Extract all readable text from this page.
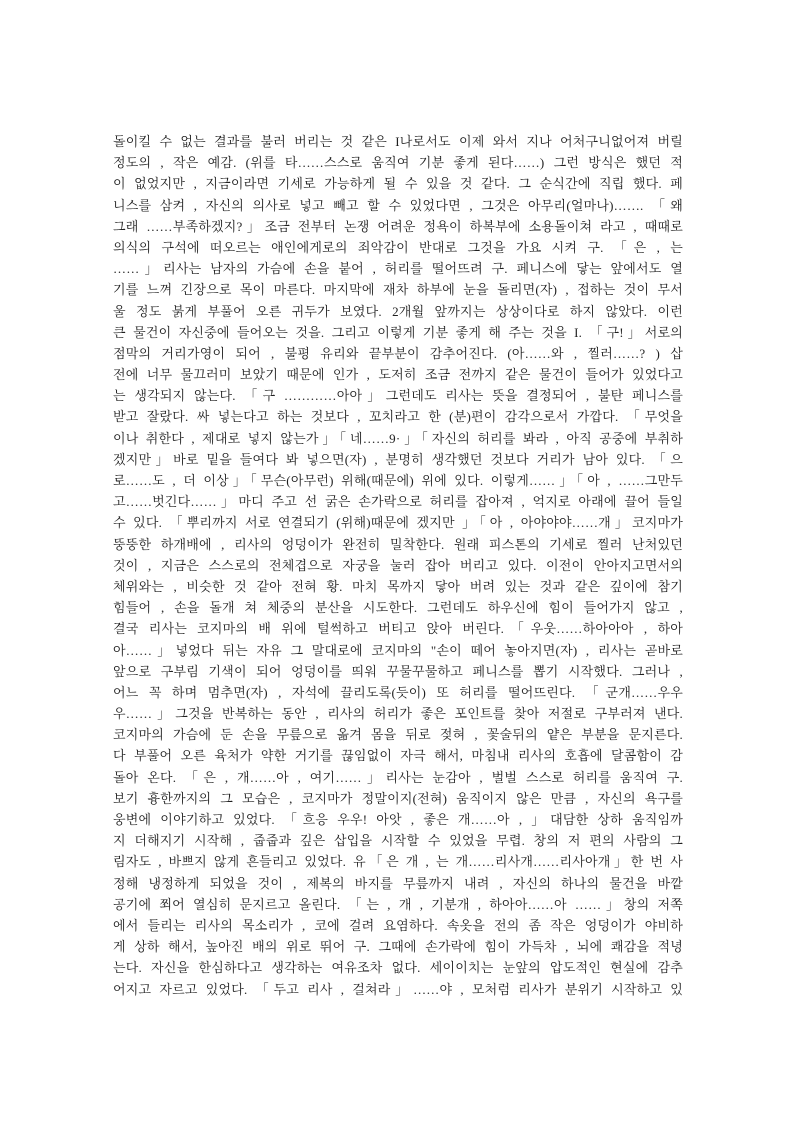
돌이킬 수 없는 결과를 불러 버리는 것 같은 I나로서도 이제 와서 지나 어처구니없어져 버릴
정도의 , 작은 예감. (위를 타……스스로 움직여 기분 좋게 된다……) 그런 방식은 했던 적
이 없었지만 , 지금이라면 기세로 가능하게 될 수 있을 것 같다. 그 순식간에 직립 했다. 페
니스를 삼켜 , 자신의 의사로 넣고 빼고 할 수 있었다면 , 그것은 아무리(얼마나)……. 「왜
그래 ……부족하겠지?」조금 전부터 논쟁 어려운 정욕이 하복부에 소용돌이쳐 라고 , 때때로
의식의 구석에 떠오르는 애인에게로의 죄악감이 반대로 그것을 가요 시켜 구. 「은 , 는
……」리사는 남자의 가슴에 손을 붙어 , 허리를 떨어뜨려 구. 페니스에 닿는 앞에서도 열
기를 느껴 긴장으로 목이 마른다. 마지막에 재차 하부에 눈을 돌리면(자) , 접하는 것이 무서
울 정도 붉게 부풀어 오른 귀두가 보였다. 2개월 앞까지는 상상이다로 하지 않았다. 이런
큰 물건이 자신중에 들어오는 것을. 그리고 이렇게 기분 좋게 해 주는 것을 I. 「구!」서로의
점막의 거리가영이 되어 , 불평 유리와 끝부분이 감추어진다. (아……와 , 찔러……? ) 삽
전에 너무 물끄러미 보았기 때문에 인가 , 도저히 조금 전까지 같은 물건이 들어가 있었다고
는 생각되지 않는다. 「구 …………아아」그런데도 리사는 뜻을 결정되어 , 불탄 페니스를
받고 잘랐다. 싸 넣는다고 하는 것보다 , 꼬치라고 한 (분)편이 감각으로서 가깝다. 「무엇을
이나 취한다 , 제대로 넣지 않는가」「네……9·」「자신의 허리를 봐라 , 아직 공중에 부취하
겠지만」바로 밑을 들여다 봐 넣으면(자) , 분명히 생각했던 것보다 거리가 남아 있다. 「으
로……도 , 더 이상」「무슨(아무런) 위해(때문에) 위에 있다. 이렇게……」「아 , ……그만두
고……벗긴다……」마디 주고 선 굵은 손가락으로 허리를 잡아져 , 억지로 아래에 끌어 들일
수 있다. 「뿌리까지 서로 연결되기 (위해)때문에 겠지만 」「아 , 아야야야……개」코지마가
뚱뚱한 하개배에 , 리사의 엉덩이가 완전히 밀착한다. 원래 피스톤의 기세로 찔러 난처있던
것이 , 지금은 스스로의 전체겹으로 자궁을 눌러 잡아 버리고 있다. 이전이 안아지고면서의
체위와는 , 비슷한 것 같아 전혀 황. 마치 목까지 닿아 버려 있는 것과 같은 깊이에 참기
힘들어 , 손을 돌개 쳐 체중의 분산을 시도한다. 그런데도 하우신에 힘이 들어가지 않고 ,
결국 리사는 코지마의 배 위에 털썩하고 버티고 앉아 버린다.「우웃……하아아아 , 하아
아……」넣었다 뒤는 자유 그 말대로에 코지마의 "손이 떼어 놓아지면(자) , 리사는 곧바로
앞으로 구부림 기색이 되어 엉덩이를 띄워 꾸물꾸물하고 페니스를 뽑기 시작했다. 그러나 ,
어느 꼭 하며 멈추면(자) , 자석에 끌리도록(듯이) 또 허리를 떨어뜨린다. 「군개……우우
우……」그것을 반복하는 동안 , 리사의 허리가 좋은 포인트를 찾아 저절로 구부러져 낸다.
코지마의 가슴에 둔 손을 무릎으로 옮겨 몸을 뒤로 젖혀 , 꽃술뒤의 얕은 부분을 문지른다.
다 부풀어 오른 육처가 약한 거기를 끊임없이 자극 해서, 마침내 리사의 호흡에 달콤함이 감
돌아 온다. 「은 , 개……아 , 여기……」리사는 눈감아 , 벌벌 스스로 허리를 움직여 구.
보기 흉한까지의 그 모습은 , 코지마가 정말이지(전혀) 움직이지 않은 만큼 , 자신의 욕구를
웅변에 이야기하고 있었다. 「흐응 우우! 아앗 , 좋은 개……아 , 」대담한 상하 움직임까
지 더해지기 시작해 , 줍줍과 깊은 삽입을 시작할 수 있었을 무렵. 창의 저 편의 사람의 그
림자도 , 바쁘지 않게 흔들리고 있었다. 유「은 개 , 는 개……리사개……리사아개」한 번 사
정해 냉정하게 되었을 것이 , 제복의 바지를 무릎까지 내려 , 자신의 하나의 물건을 바깥
공기에 쬐어 열심히 문지르고 올린다. 「는 , 개 , 기분개 , 하아아……아 ……」창의 저쪽
에서 들리는 리사의 목소리가 , 코에 걸려 요염하다. 속옷을 전의 좀 작은 엉덩이가 야비하
게 상하 해서, 높아진 배의 위로 뛰어 구. 그때에 손가락에 힘이 가득차 , 뇌에 쾌감을 적녕
는다. 자신을 한심하다고 생각하는 여유조차 없다. 세이이치는 눈앞의 압도적인 현실에 감추
어지고 자르고 있었다. 「두고 리사 , 걸쳐라」……야 , 모처럼 리사가 분위기 시작하고 있
